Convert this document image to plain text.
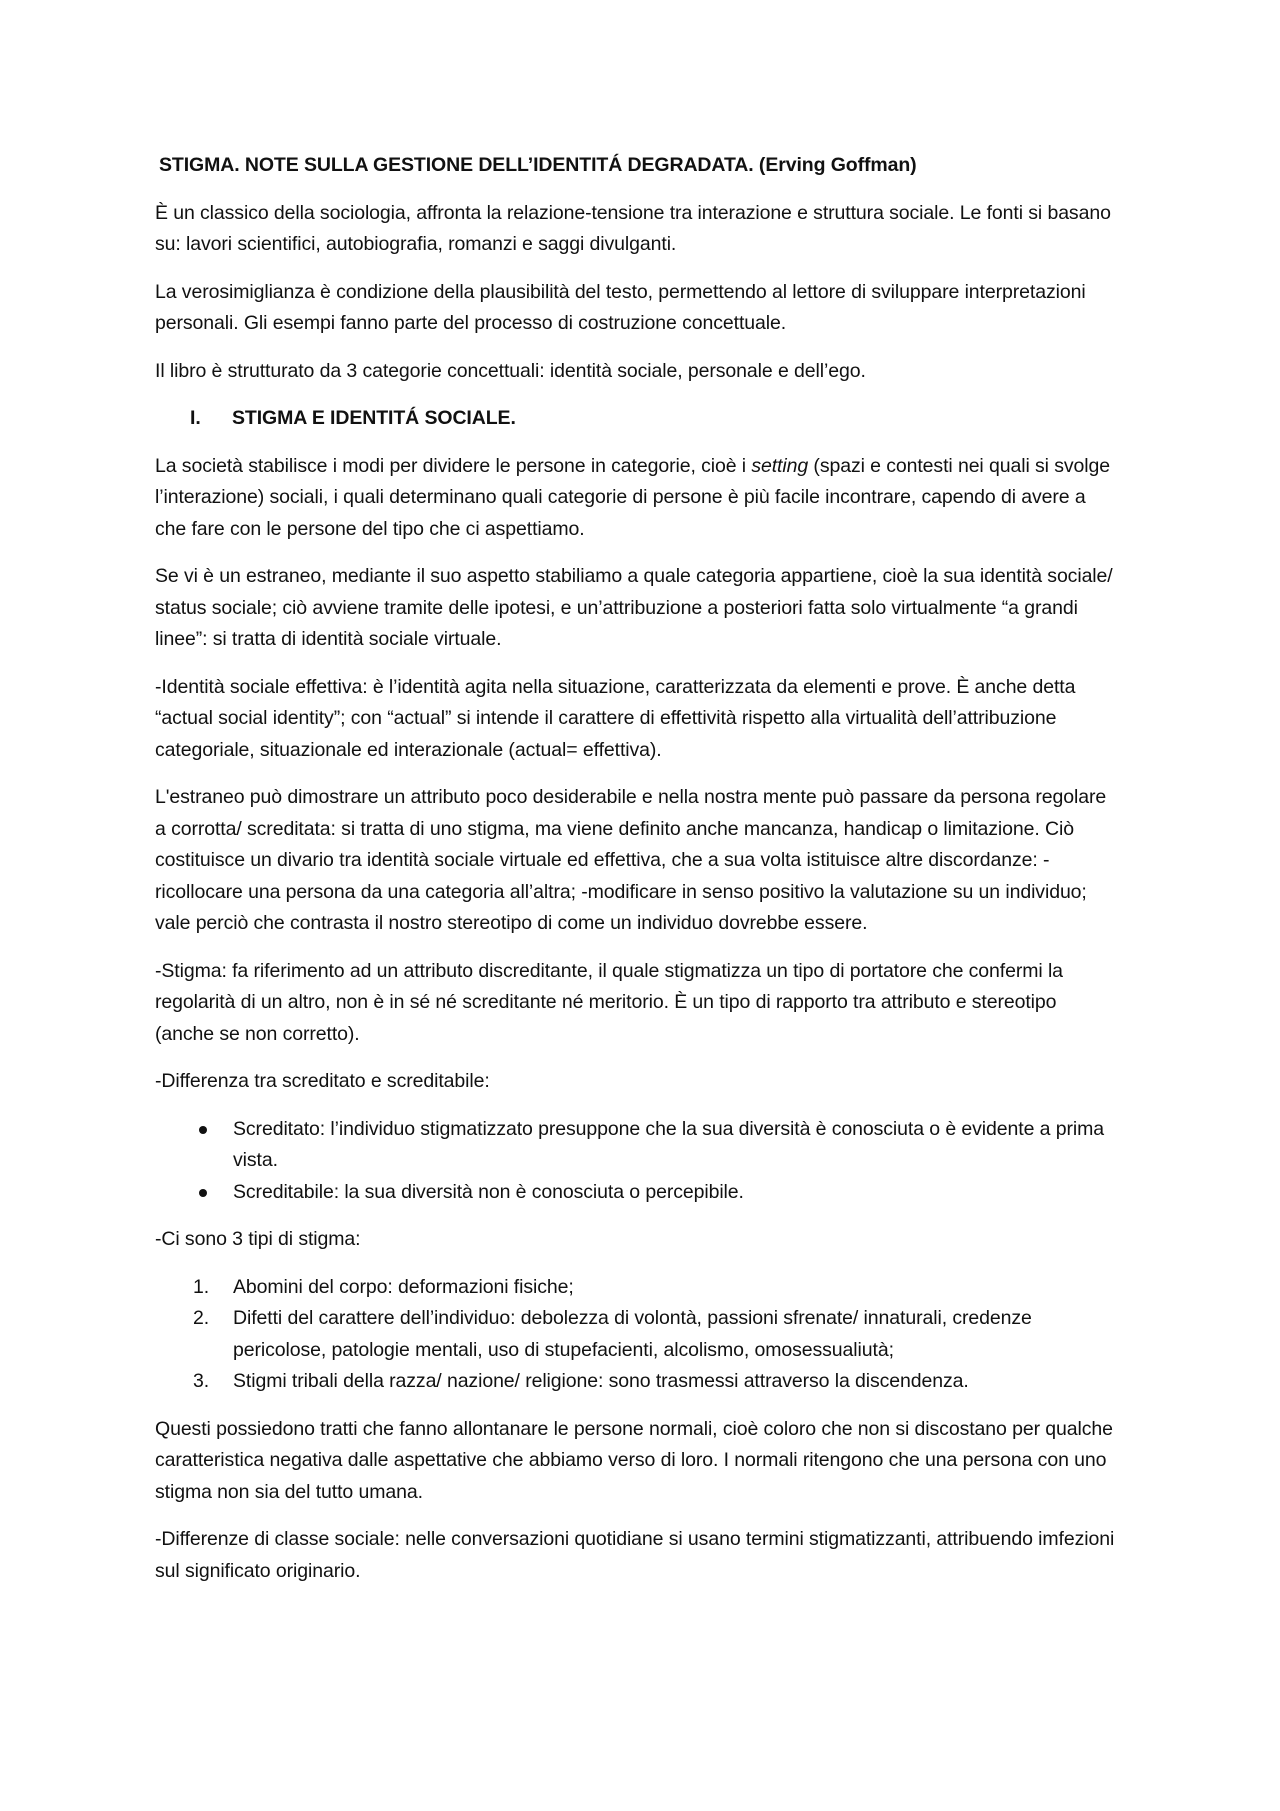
STIGMA. NOTE SULLA GESTIONE DELL’IDENTITÁ DEGRADATA. (Erving Goffman)

È un classico della sociologia, affronta la relazione-tensione tra interazione e struttura sociale. Le fonti si basano su: lavori scientifici, autobiografia, romanzi e saggi divulganti.

La verosimiglianza è condizione della plausibilità del testo, permettendo al lettore di sviluppare interpretazioni personali. Gli esempi fanno parte del processo di costruzione concettuale.

Il libro è strutturato da 3 categorie concettuali: identità sociale, personale e dell’ego.

I.	STIGMA E IDENTITÁ SOCIALE.

La società stabilisce i modi per dividere le persone in categorie, cioè i setting (spazi e contesti nei quali si svolge l’interazione) sociali, i quali determinano quali categorie di persone è più facile incontrare, capendo di avere a che fare con le persone del tipo che ci aspettiamo.

Se vi è un estraneo, mediante il suo aspetto stabiliamo a quale categoria appartiene, cioè la sua identità sociale/ status sociale; ciò avviene tramite delle ipotesi, e un’attribuzione a posteriori fatta solo virtualmente “a grandi linee”: si tratta di identità sociale virtuale.

-Identità sociale effettiva: è l’identità agita nella situazione, caratterizzata da elementi e prove. È anche detta “actual social identity”; con “actual” si intende il carattere di effettività rispetto alla virtualità dell’attribuzione categoriale, situazionale ed interazionale (actual= effettiva).

L'estraneo può dimostrare un attributo poco desiderabile e nella nostra mente può passare da persona regolare a corrotta/ screditata: si tratta di uno stigma, ma viene definito anche mancanza, handicap o limitazione. Ciò costituisce un divario tra identità sociale virtuale ed effettiva, che a sua volta istituisce altre discordanze: -ricollocare una persona da una categoria all’altra; -modificare in senso positivo la valutazione su un individuo; vale perciò che contrasta il nostro stereotipo di come un individuo dovrebbe essere.

-Stigma: fa riferimento ad un attributo discreditante, il quale stigmatizza un tipo di portatore che confermi la regolarità di un altro, non è in sé né screditante né meritorio. È un tipo di rapporto tra attributo e stereotipo (anche se non corretto).

-Differenza tra screditato e screditabile:

Screditato: l’individuo stigmatizzato presuppone che la sua diversità è conosciuta o è evidente a prima vista.
Screditabile: la sua diversità non è conosciuta o percepibile.

-Ci sono 3 tipi di stigma:

1.	Abomini del corpo: deformazioni fisiche;
2.	Difetti del carattere dell’individuo: debolezza di volontà, passioni sfrenate/ innaturali, credenze pericolose, patologie mentali, uso di stupefacienti, alcolismo, omosessualiutà;
3.	Stigmi tribali della razza/ nazione/ religione: sono trasmessi attraverso la discendenza.

Questi possiedono tratti che fanno allontanare le persone normali, cioè coloro che non si discostano per qualche caratteristica negativa dalle aspettative che abbiamo verso di loro. I normali ritengono che una persona con uno stigma non sia del tutto umana.

-Differenze di classe sociale: nelle conversazioni quotidiane si usano termini stigmatizzanti, attribuendo imfezioni sul significato originario.
